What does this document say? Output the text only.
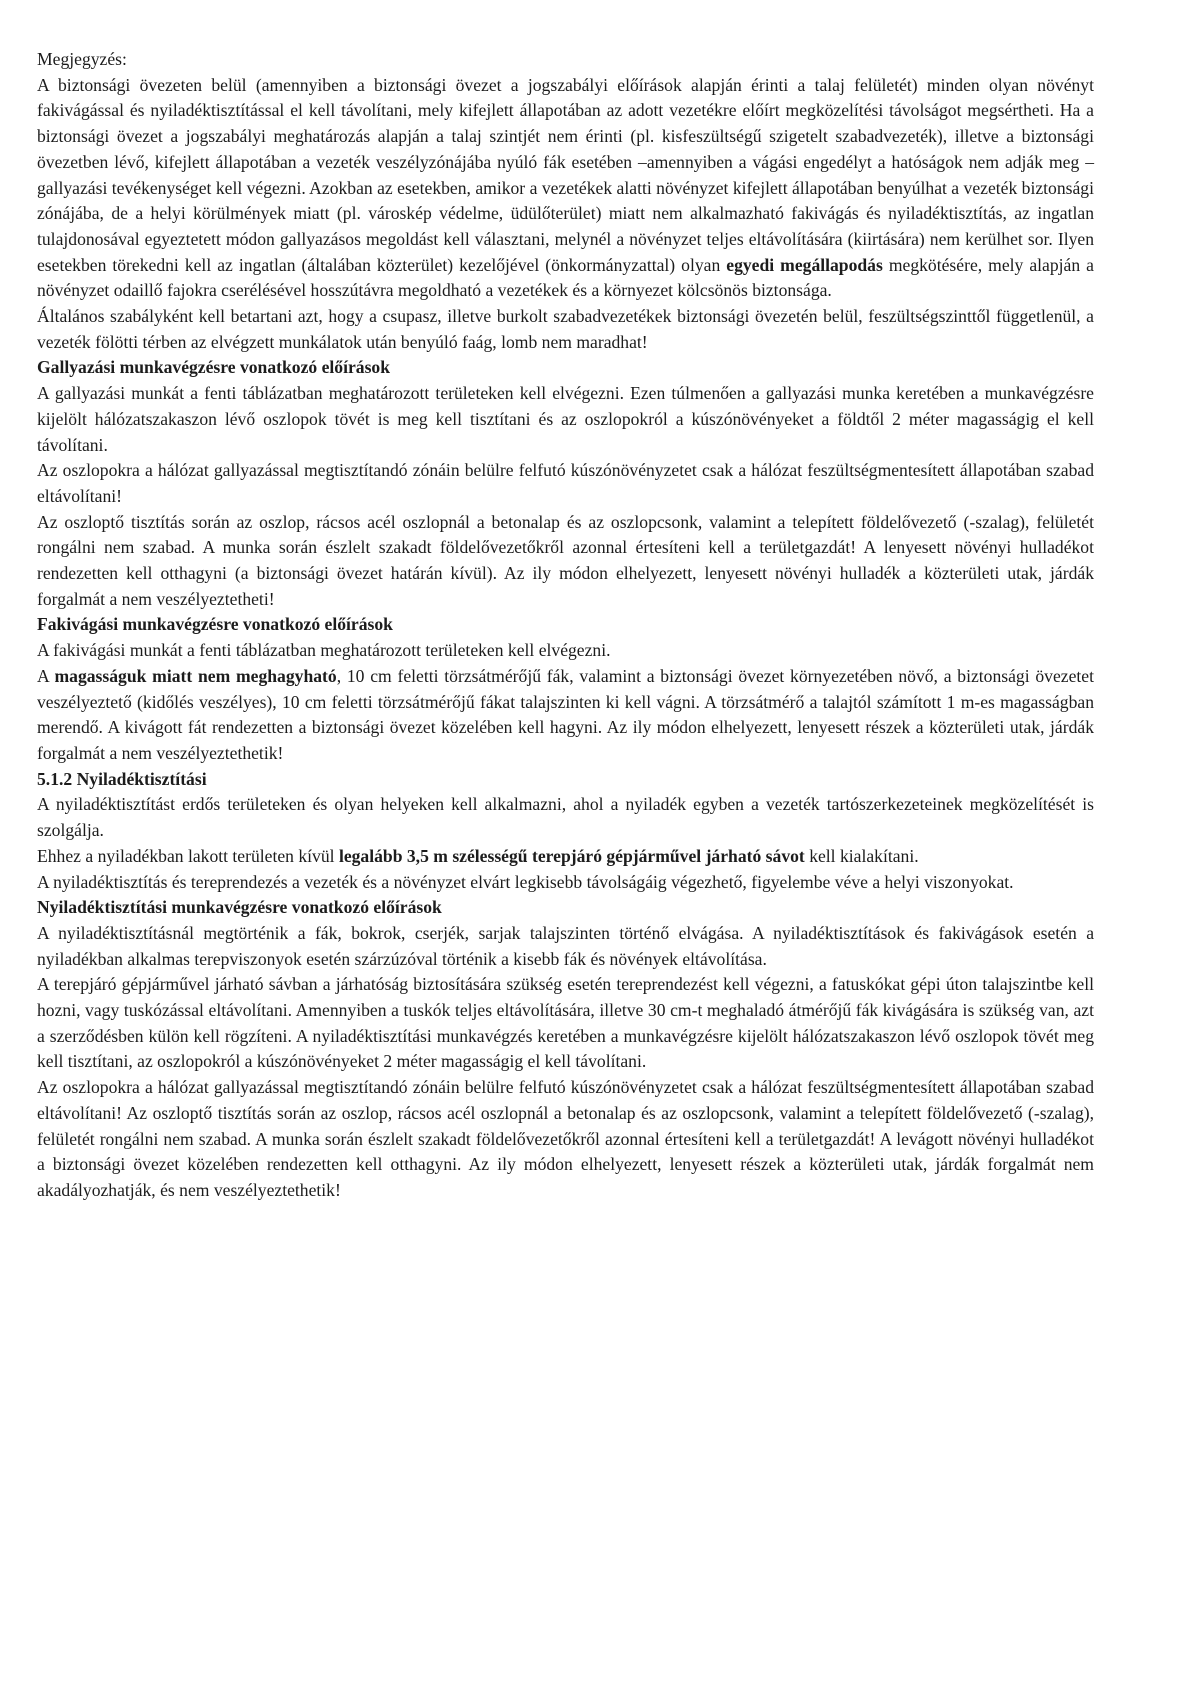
Megjegyzés:

A biztonsági övezeten belül (amennyiben a biztonsági övezet a jogszabályi előírások alapján érinti a talaj felületét) minden olyan növényt fakivágással és nyiladéktisztítással el kell távolítani, mely kifejlett állapotában az adott vezetékre előírt megközelítési távolságot megsértheti. Ha a biztonsági övezet a jogszabályi meghatározás alapján a talaj szintjét nem érinti (pl. kisfeszültségű szigetelt szabadvezeték), illetve a biztonsági övezetben lévő, kifejlett állapotában a vezeték veszélyzónájába nyúló fák esetében –amennyiben a vágási engedélyt a hatóságok nem adják meg – gallyazási tevékenységet kell végezni. Azokban az esetekben, amikor a vezetékek alatti növényzet kifejlett állapotában benyúlhat a vezeték biztonsági zónájába, de a helyi körülmények miatt (pl. városkép védelme, üdülőterület) miatt nem alkalmazható fakivágás és nyiladéktisztítás, az ingatlan tulajdonosával egyeztetett módon gallyazásos megoldást kell választani, melynél a növényzet teljes eltávolítására (kiirtására) nem kerülhet sor. Ilyen esetekben törekedni kell az ingatlan (általában közterület) kezelőjével (önkormányzattal) olyan egyedi megállapodás megkötésére, mely alapján a növényzet odaillő fajokra cserélésével hosszútávra megoldható a vezetékek és a környezet kölcsönös biztonsága.

Általános szabályként kell betartani azt, hogy a csupasz, illetve burkolt szabadvezetékek biztonsági övezetén belül, feszültségszinttől függetlenül, a vezeték fölötti térben az elvégzett munkálatok után benyúló faág, lomb nem maradhat!

Gallyazási munkavégzésre vonatkozó előírások

A gallyazási munkát a fenti táblázatban meghatározott területeken kell elvégezni. Ezen túlmenően a gallyazási munka keretében a munkavégzésre kijelölt hálózatszakaszon lévő oszlopok tövét is meg kell tisztítani és az oszlopokról a kúszónövényeket a földtől 2 méter magasságig el kell távolítani.

Az oszlopokra a hálózat gallyazással megtisztítandó zónáin belülre felfutó kúszónövényzetet csak a hálózat feszültségmentesített állapotában szabad eltávolítani!

Az oszloptő tisztítás során az oszlop, rácsos acél oszlopnál a betonalap és az oszlopcsonk, valamint a telepített földelővezető (-szalag), felületét rongálni nem szabad. A munka során észlelt szakadt földelővezetőkről azonnal értesíteni kell a területgazdát! A lenyesett növényi hulladékot rendezetten kell otthagyni (a biztonsági övezet határán kívül). Az ily módon elhelyezett, lenyesett növényi hulladék a közterületi utak, járdák forgalmát a nem veszélyeztetheti!

Fakivágási munkavégzésre vonatkozó előírások

A fakivágási munkát a fenti táblázatban meghatározott területeken kell elvégezni.

A magasságuk miatt nem meghagyható, 10 cm feletti törzsátmérőjű fák, valamint a biztonsági övezet környezetében növő, a biztonsági övezetet veszélyeztető (kidőlés veszélyes), 10 cm feletti törzsátmérőjű fákat talajszinten ki kell vágni. A törzsátmérő a talajtól számított 1 m-es magasságban merendő. A kivágott fát rendezetten a biztonsági övezet közelében kell hagyni. Az ily módon elhelyezett, lenyesett részek a közterületi utak, járdák forgalmát a nem veszélyeztethetik!

5.1.2 Nyiladéktisztítási

A nyiladéktisztítást erdős területeken és olyan helyeken kell alkalmazni, ahol a nyiladék egyben a vezeték tartószerkezeteinek megközelítését is szolgálja.

Ehhez a nyiladékban lakott területen kívül legalább 3,5 m szélességű terepjáró gépjárművel járható sávot kell kialakítani.

A nyiladéktisztítás és tereprendezés a vezeték és a növényzet elvárt legkisebb távolságáig végezhető, figyelembe véve a helyi viszonyokat.

Nyiladéktisztítási munkavégzésre vonatkozó előírások

A nyiladéktisztításnál megtörténik a fák, bokrok, cserjék, sarjak talajszinten történő elvágása. A nyiladéktisztítások és fakivágások esetén a nyiladékban alkalmas terepviszonyok esetén szárzúzóval történik a kisebb fák és növények eltávolítása.

A terepjáró gépjárművel járható sávban a járhatóság biztosítására szükség esetén tereprendezést kell végezni, a fatuskókat gépi úton talajszintbe kell hozni, vagy tuskózással eltávolítani. Amennyiben a tuskók teljes eltávolítására, illetve 30 cm-t meghaladó átmérőjű fák kivágására is szükség van, azt a szerződésben külön kell rögzíteni. A nyiladéktisztítási munkavégzés keretében a munkavégzésre kijelölt hálózatszakaszon lévő oszlopok tövét meg kell tisztítani, az oszlopokról a kúszónövényeket 2 méter magasságig el kell távolítani.

Az oszlopokra a hálózat gallyazással megtisztítandó zónáin belülre felfutó kúszónövényzetet csak a hálózat feszültségmentesített állapotában szabad eltávolítani! Az oszloptő tisztítás során az oszlop, rácsos acél oszlopnál a betonalap és az oszlopcsonk, valamint a telepített földelővezető (-szalag), felületét rongálni nem szabad. A munka során észlelt szakadt földelővezetőkről azonnal értesíteni kell a területgazdát! A levágott növényi hulladékot a biztonsági övezet közelében rendezetten kell otthagyni. Az ily módon elhelyezett, lenyesett részek a közterületi utak, járdák forgalmát nem akadályozhatják, és nem veszélyeztethetik!
